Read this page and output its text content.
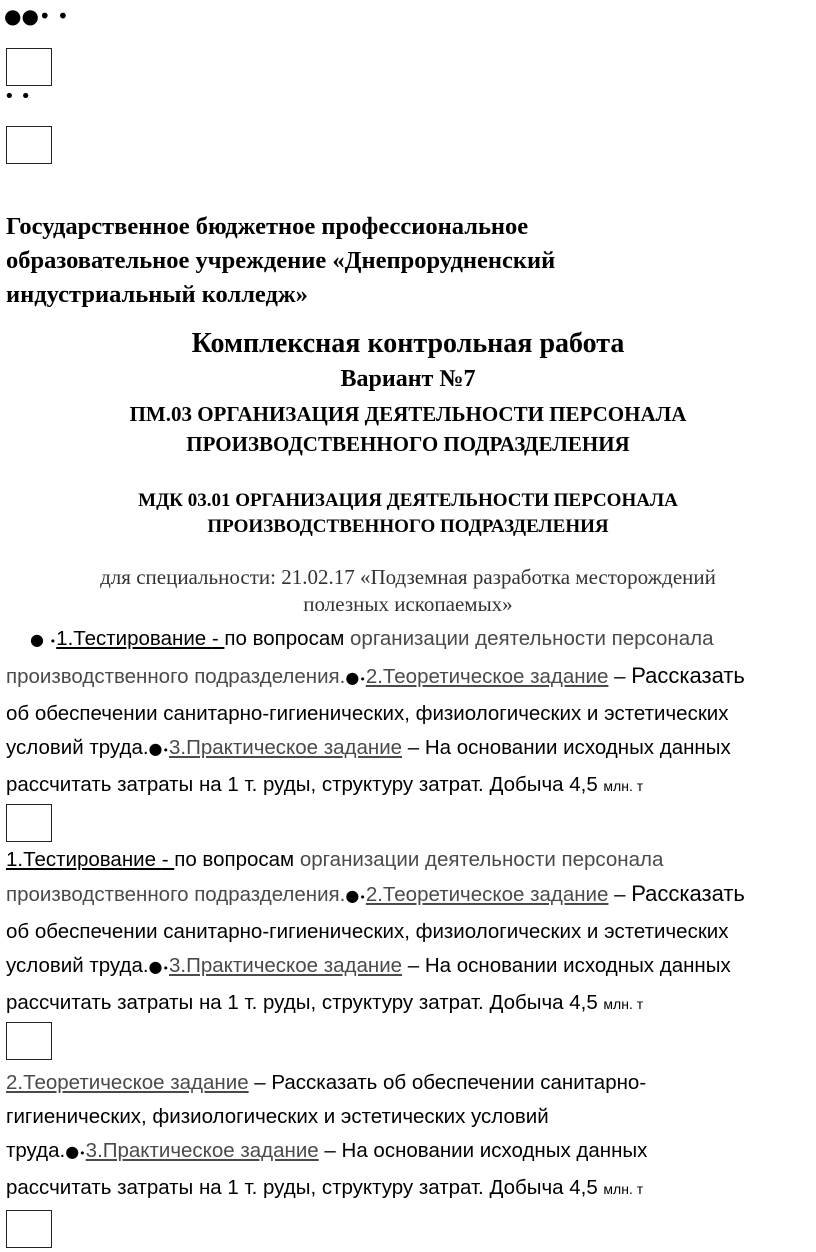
●●• •
• •
Государственное бюджетное профессиональное
образовательное учреждение «Днепрорудненский
индустриальный колледж»
Комплексная контрольная работа
Вариант №7
ПМ.03 ОРГАНИЗАЦИЯ ДЕЯТЕЛЬНОСТИ ПЕРСОНАЛА
ПРОИЗВОДСТВЕННОГО ПОДРАЗДЕЛЕНИЯ
МДК 03.01 ОРГАНИЗАЦИЯ ДЕЯТЕЛЬНОСТИ ПЕРСОНАЛА
ПРОИЗВОДСТВЕННОГО ПОДРАЗДЕЛЕНИЯ
для специальности: 21.02.17 «Подземная разработка месторождений
полезных ископаемых»
● •1.Тестирование - по вопросам организации деятельности персонала
производственного подразделения.●•2.Теоретическое задание – Рассказать
об обеспечении санитарно-гигиенических, физиологических и эстетических
условий труда.●•3.Практическое задание – На основании исходных данных
рассчитать затраты на 1 т. руды, структуру затрат. Добыча 4,5 млн. т
1.Тестирование - по вопросам организации деятельности персонала
производственного подразделения.●•2.Теоретическое задание – Рассказать
об обеспечении санитарно-гигиенических, физиологических и эстетических
условий труда.●•3.Практическое задание – На основании исходных данных
рассчитать затраты на 1 т. руды, структуру затрат. Добыча 4,5 млн. т
2.Теоретическое задание – Рассказать об обеспечении санитарно-
гигиенических, физиологических и эстетических условий
труда.●•3.Практическое задание – На основании исходных данных
рассчитать затраты на 1 т. руды, структуру затрат. Добыча 4,5 млн. т
